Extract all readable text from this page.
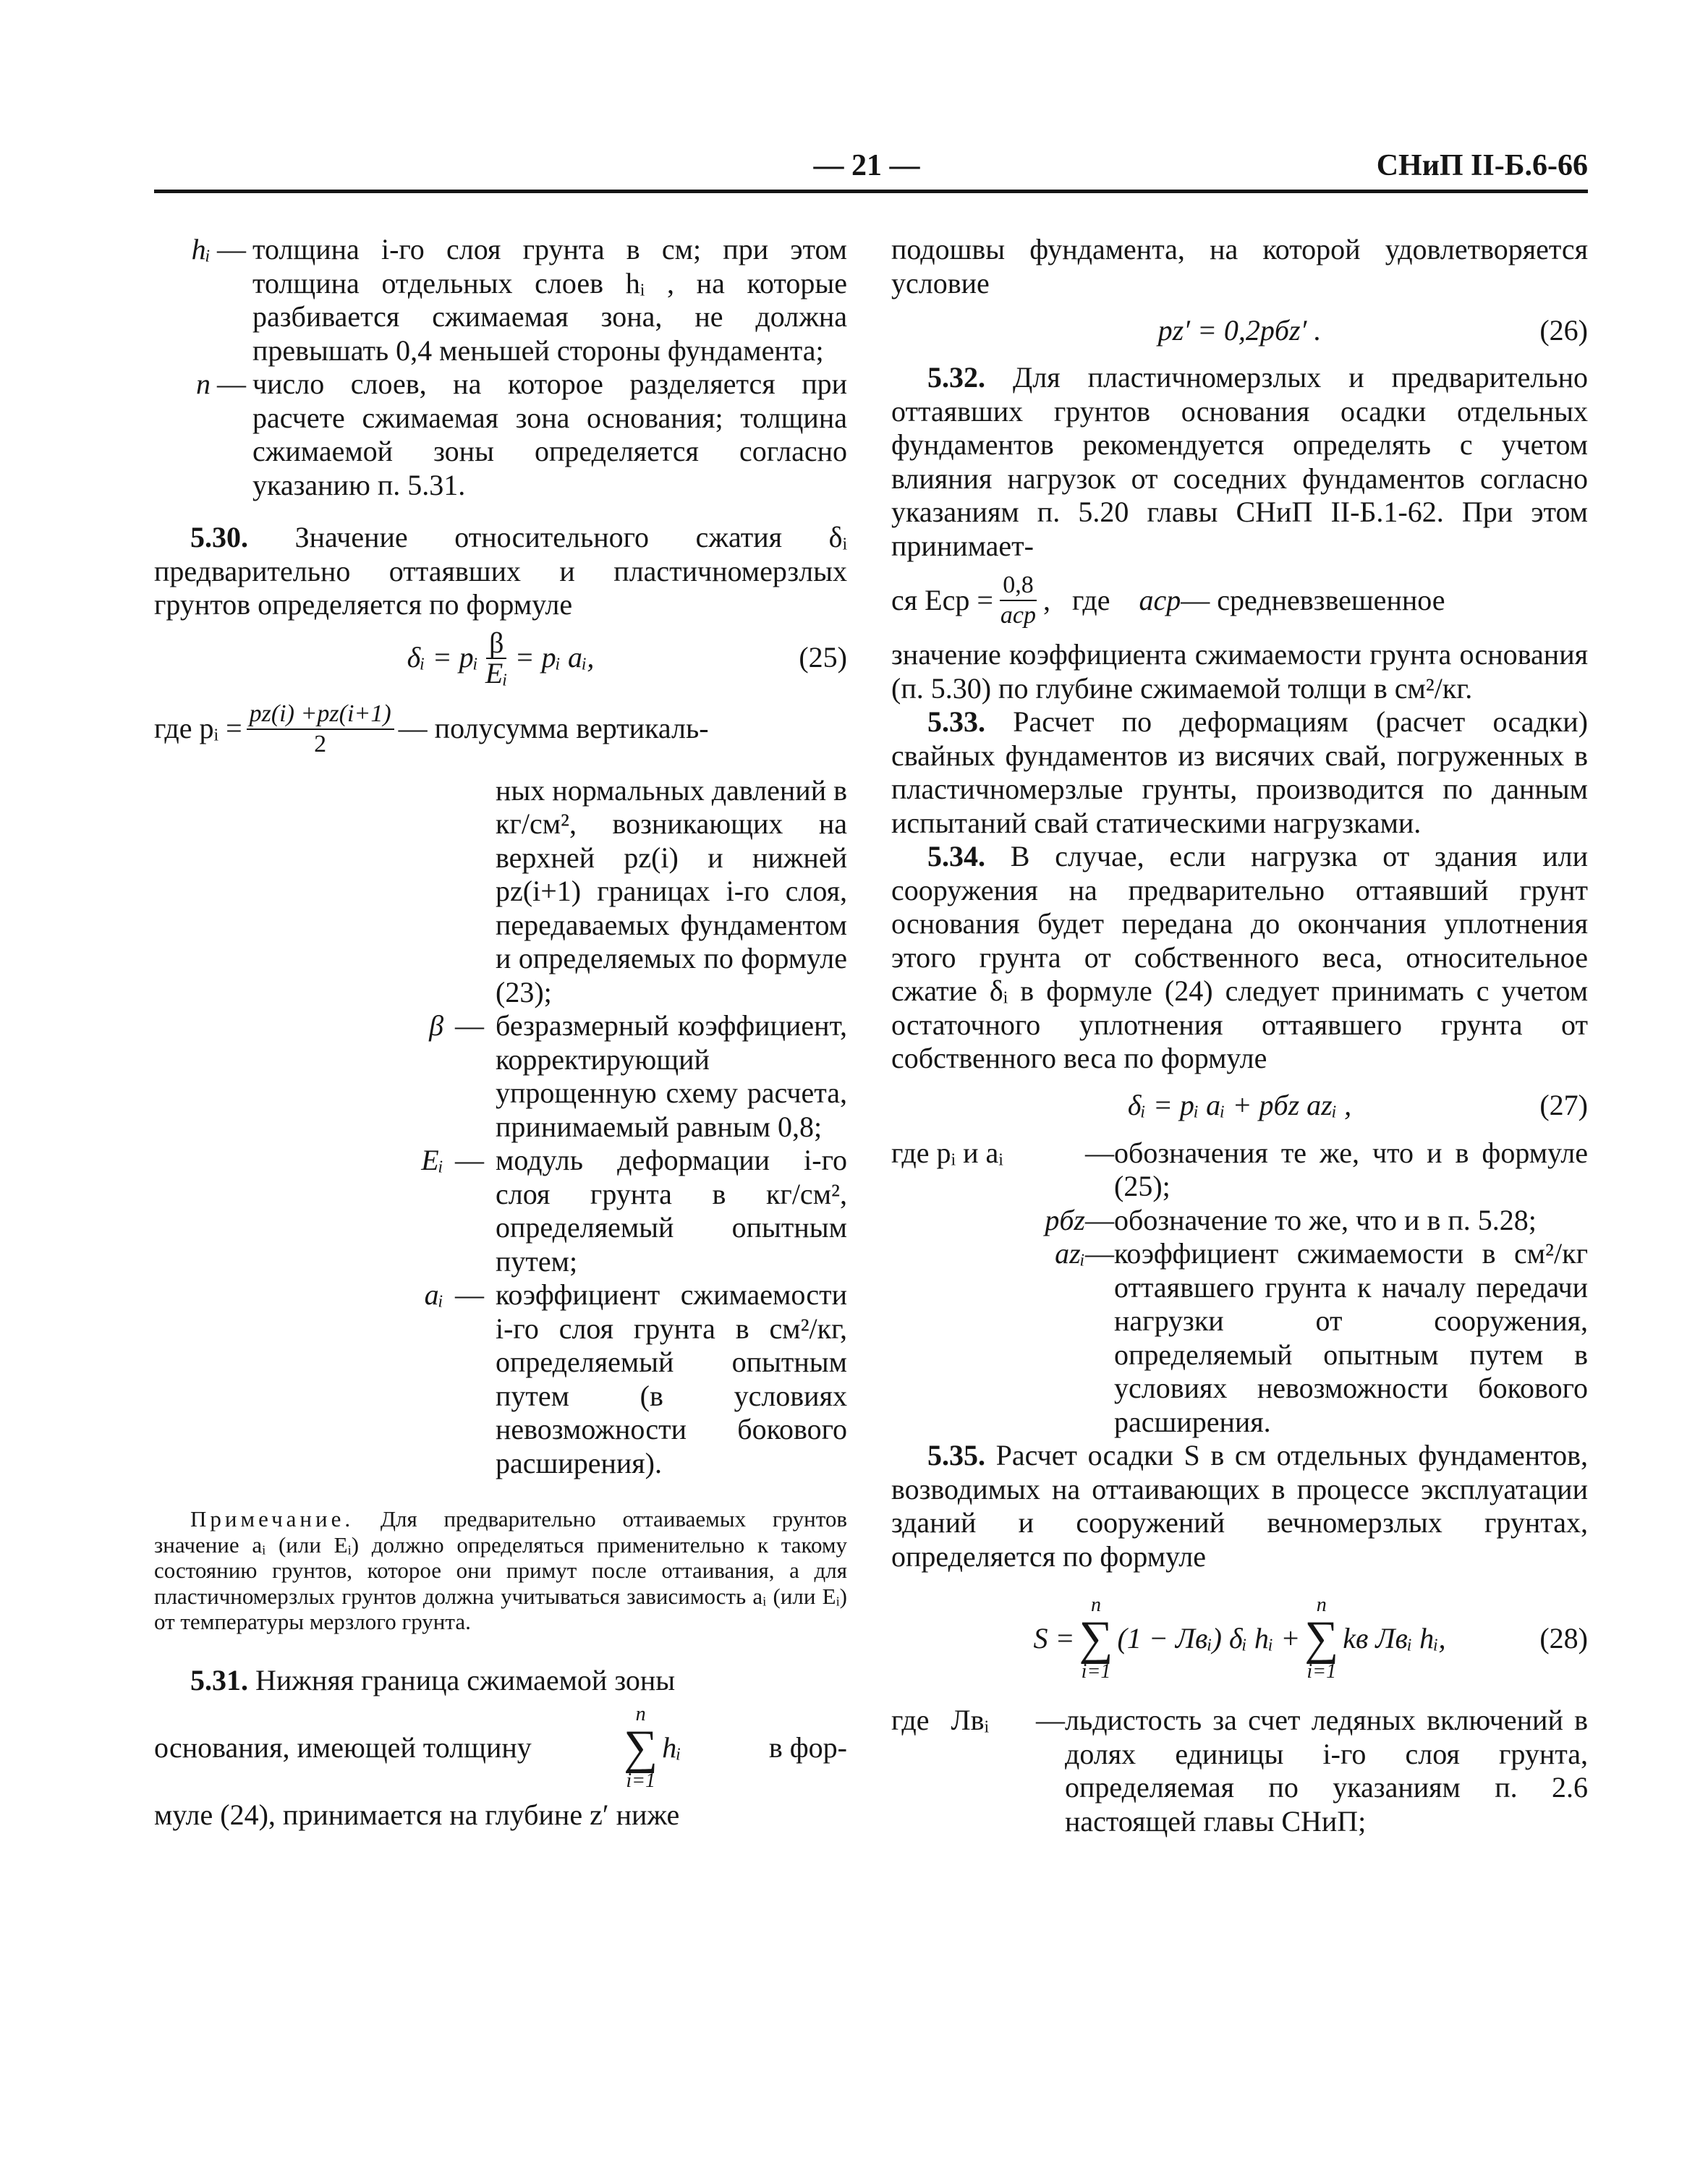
— 21 —	СНиП II-Б.6-66
hᵢ — толщина i-го слоя грунта в см; при этом толщина отдельных слоев hᵢ , на которые разбивается сжимаемая зона, не должна превышать 0,4 меньшей стороны фундамента;
n — число слоев, на которое разделяется при расчете сжимаемая зона основания; толщина сжимаемой зоны определяется согласно указанию п. 5.31.

5.30. Значение относительного сжатия δᵢ предварительно оттаявших и пластичномерзлых грунтов определяется по формуле

δᵢ = pᵢ $\frac{\beta}{\text{Eᵢ}}$ = pᵢ aᵢ,	(25)
где pᵢ = $\frac{pz(i) +pz(i+1)}{2}$ — полусумма вертикаль-

ных нормальных давлений в кг/см², возникающих на верхней pz(i) и нижней pz(i+1) границах i-го слоя, передаваемых фундаментом и определяемых по формуле (23);

β — безразмерный коэффициент, корректирующий упрощенную схему расчета, принимаемый равным 0,8;
Eᵢ — модуль деформации i-го слоя грунта в кг/см², определяемый опытным путем;
aᵢ — коэффициент сжимаемости i-го слоя грунта в см²/кг, определяемый опытным путем (в условиях невозможности бокового расширения).

Примечание. Для предварительно оттаиваемых грунтов значение aᵢ (или Eᵢ) должно определяться применительно к такому состоянию грунтов, которое они примут после оттаивания, а для пластичномерзлых грунтов должна учитываться зависимость aᵢ (или Eᵢ) от температуры мерзлого грунта.

5.31. Нижняя граница сжимаемой зоны

основания, имеющей толщину
n
∑
i=1
hᵢ	в фор-

муле (24), принимается на глубине z′ ниже

подошвы фундамента, на которой удовлетворяется условие

pz′ = 0,2pбz′ .	(26)

5.32. Для пластичномерзлых и предварительно оттаявших грунтов основания осадки отдельных фундаментов рекомендуется определять с учетом влияния нагрузок от соседних фундаментов согласно указаниям п. 5.20 главы СНиП II-Б.1-62. При этом принимает-

ся Eср = $\frac{0,8}{\text{aср}}$ ,   где aср — средневзвешенное

значение коэффициента сжимаемости грунта основания (п. 5.30) по глубине сжимаемой толщи в см²/кг.

5.33. Расчет по деформациям (расчет осадки) свайных фундаментов из висячих свай, погруженных в пластичномерзлые грунты, производится по данным испытаний свай статическими нагрузками.

5.34. В случае, если нагрузка от здания или сооружения на предварительно оттаявший грунт основания будет передана до окончания уплотнения этого грунта от собственного веса, относительное сжатие δᵢ в формуле (24) следует принимать с учетом остаточного уплотнения оттаявшего грунта от собственного веса по формуле

δᵢ = pᵢ aᵢ + pбz azᵢ ,	(27)
где pᵢ и aᵢ	— обозначения те же, что и в формуле (25);
pбz — обозначение то же, что и в п. 5.28;
azᵢ — коэффициент сжимаемости в см²/кг оттаявшего грунта к началу передачи нагрузки от сооружения, определяемый опытным путем в условиях невозможности бокового расширения.

5.35. Расчет осадки S в см отдельных фундаментов, возводимых на оттаивающих в процессе эксплуатации зданий и сооружений вечномерзлых грунтах, определяется по формуле

S =
n
∑
i=1
(1 − Лвᵢ) δᵢ hᵢ +
n
∑
i=1
kв Лвᵢ hᵢ,	(28)
где   Лвᵢ	— льдистость за счет ледяных включений в долях единицы i-го слоя грунта, определяемая по указаниям п. 2.6 настоящей главы СНиП;
